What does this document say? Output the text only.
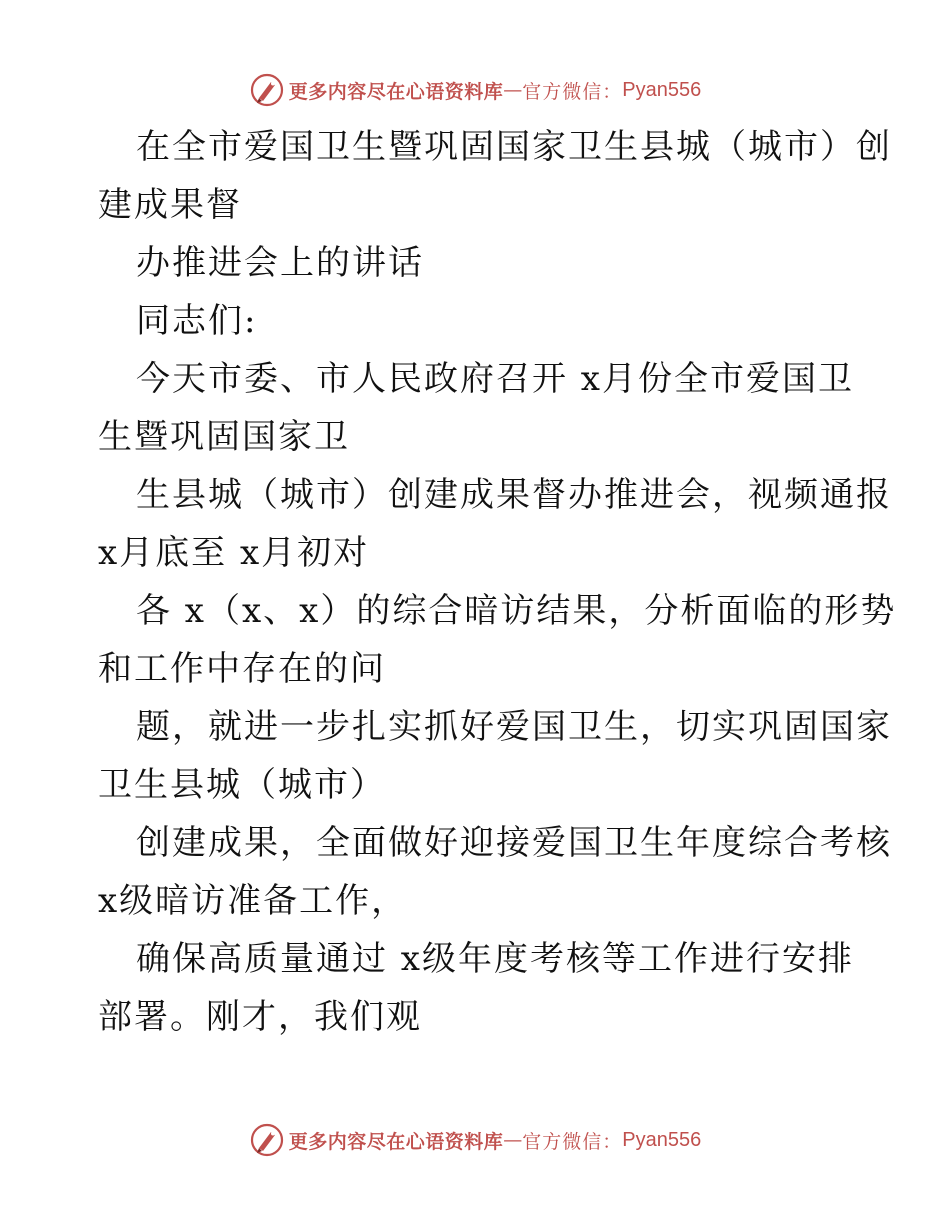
更多内容尽在心语资料库 — 官方微信： Pyan556
在全市爱国卫生暨巩固国家卫生县城（城市）创
建成果督
办推进会上的讲话
同志们:
今天市委、市人民政府召开 x月份全市爱国卫
生暨巩固国家卫
生县城（城市）创建成果督办推进会，视频通报
x月底至 x月初对
各 x（x、x）的综合暗访结果，分析面临的形势
和工作中存在的问
题，就进一步扎实抓好爱国卫生，切实巩固国家
卫生县城（城市）
创建成果，全面做好迎接爱国卫生年度综合考核
x级暗访准备工作，
确保高质量通过 x级年度考核等工作进行安排
部署。刚才，我们观
更多内容尽在心语资料库 — 官方微信： Pyan556
